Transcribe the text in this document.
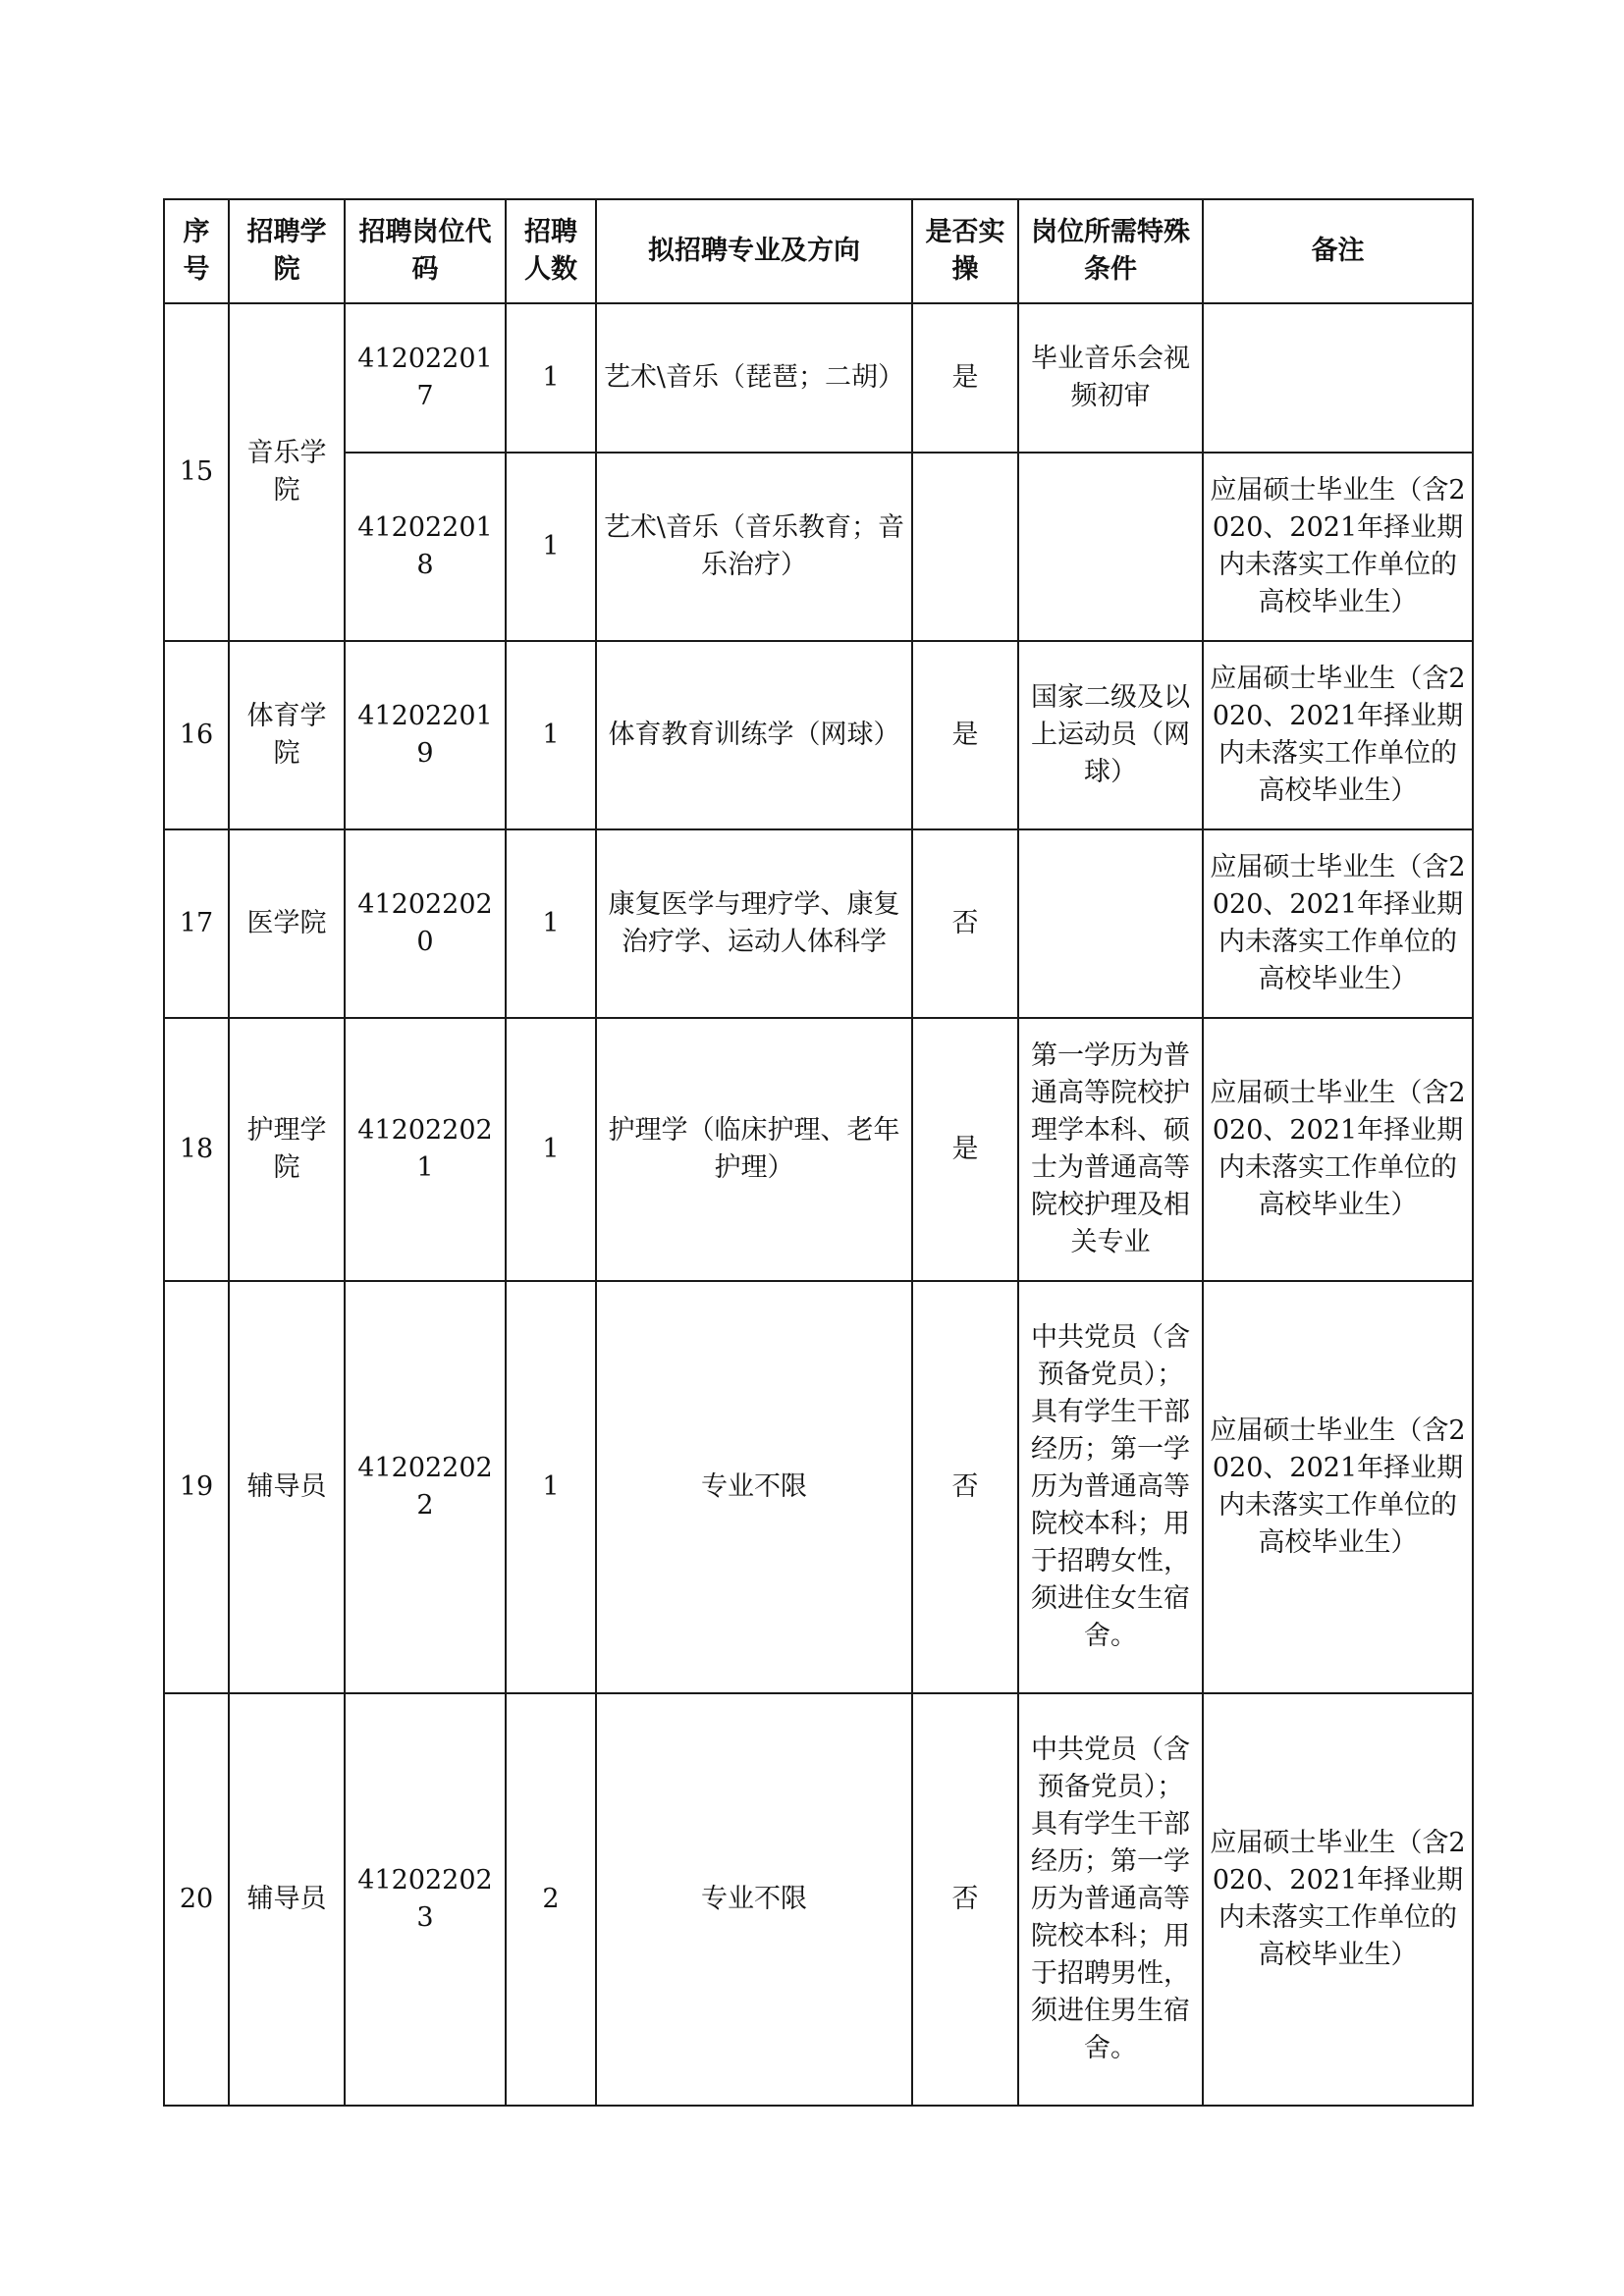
序号	招聘学院	招聘岗位代码	招聘人数	拟招聘专业及方向	是否实操	岗位所需特殊条件	备注
15	音乐学院	412022017	1	艺术\音乐（琵琶；二胡）	是	毕业音乐会视频初审	
		412022018	1	艺术\音乐（音乐教育；音乐治疗）			应届硕士毕业生（含2020、2021年择业期内未落实工作单位的高校毕业生）
16	体育学院	412022019	1	体育教育训练学（网球）	是	国家二级及以上运动员（网球）	应届硕士毕业生（含2020、2021年择业期内未落实工作单位的高校毕业生）
17	医学院	412022020	1	康复医学与理疗学、康复治疗学、运动人体科学	否		应届硕士毕业生（含2020、2021年择业期内未落实工作单位的高校毕业生）
18	护理学院	412022021	1	护理学（临床护理、老年护理）	是	第一学历为普通高等院校护理学本科、硕士为普通高等院校护理及相关专业	应届硕士毕业生（含2020、2021年择业期内未落实工作单位的高校毕业生）
19	辅导员	412022022	1	专业不限	否	中共党员（含预备党员）；具有学生干部经历；第一学历为普通高等院校本科；用于招聘女性，须进住女生宿舍。	应届硕士毕业生（含2020、2021年择业期内未落实工作单位的高校毕业生）
20	辅导员	412022023	2	专业不限	否	中共党员（含预备党员）；具有学生干部经历；第一学历为普通高等院校本科；用于招聘男性，须进住男生宿舍。	应届硕士毕业生（含2020、2021年择业期内未落实工作单位的高校毕业生）
